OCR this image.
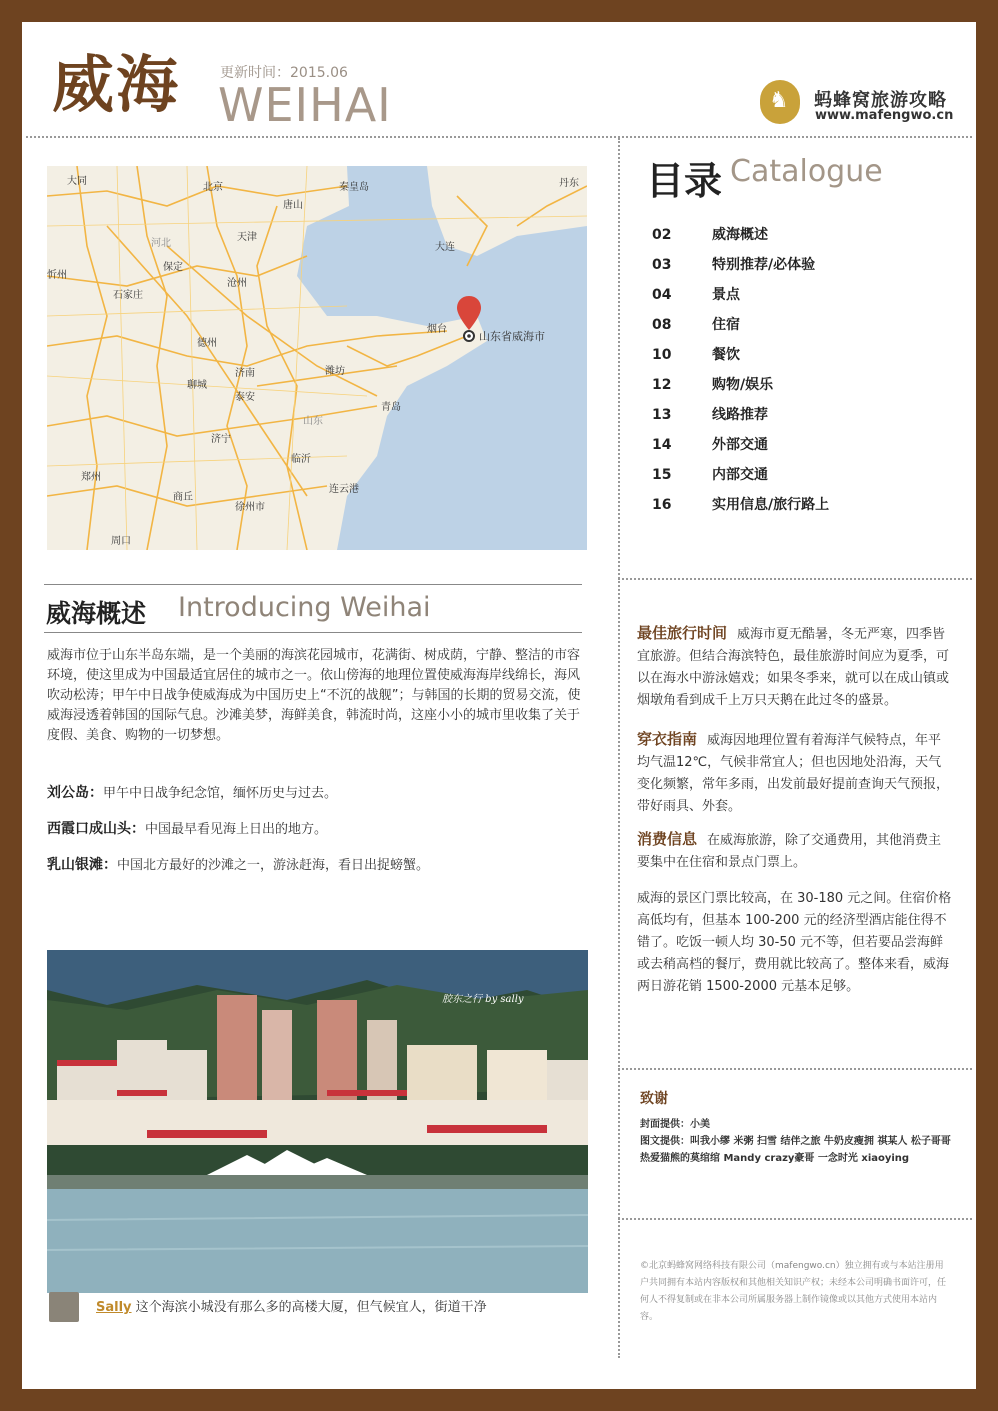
威海	更新时间：2015.06
WEIHAI	♞ 蚂蜂窝旅游攻略
www.mafengwo.cn
大同
北京	秦皇岛	丹东
唐山
天津
河北
保定
大连
沧州
石家庄
烟台
德州
聊城
济南	潍坊
泰安
青岛
山东
济宁
临沂
郑州
商丘
连云港
徐州市
周口
忻州
山东省威海市
目录 Catalogue
02	威海概述
03	特别推荐/必体验
04	景点
08	住宿
10	餐饮
12	购物/娱乐
13	线路推荐
14	外部交通
15	内部交通
16	实用信息/旅行路上
威海概述 Introducing Weihai
威海市位于山东半岛东端，是一个美丽的海滨花园城市，花满街、树成荫，宁静、整洁的市容环境，使这里成为中国最适宜居住的城市之一。依山傍海的地理位置使威海海岸线绵长，海风吹动松涛；甲午中日战争使威海成为中国历史上“不沉的战舰”；与韩国的长期的贸易交流，使威海浸透着韩国的国际气息。沙滩美梦，海鲜美食，韩流时尚，这座小小的城市里收集了关于度假、美食、购物的一切梦想。
刘公岛：甲午中日战争纪念馆，缅怀历史与过去。
西霞口成山头：中国最早看见海上日出的地方。
乳山银滩：中国北方最好的沙滩之一，游泳赶海，看日出捉螃蟹。
胶东之行 by sally
Sally 这个海滨小城没有那么多的高楼大厦，但气候宜人，街道干净
最佳旅行时间 威海市夏无酷暑，冬无严寒，四季皆宜旅游。但结合海滨特色，最佳旅游时间应为夏季，可以在海水中游泳嬉戏；如果冬季来，就可以在成山镇或烟墩角看到成千上万只天鹅在此过冬的盛景。
穿衣指南 威海因地理位置有着海洋气候特点，年平均气温12℃，气候非常宜人；但也因地处沿海，天气变化频繁，常年多雨，出发前最好提前查询天气预报，带好雨具、外套。
消费信息 在威海旅游，除了交通费用，其他消费主要集中在住宿和景点门票上。
威海的景区门票比较高，在 30-180 元之间。住宿价格高低均有，但基本 100-200 元的经济型酒店能住得不错了。吃饭一顿人均 30-50 元不等，但若要品尝海鲜或去稍高档的餐厅，费用就比较高了。整体来看，威海两日游花销 1500-2000 元基本足够。
致谢
封面提供：小美
图文提供：叫我小缪 米粥 扫雪 结伴之旅 牛奶皮瘦拥 祺某人 松子哥哥 热爱猫熊的莫绾绾 Mandy crazy豪哥 一念时光 xiaoying
©北京蚂蜂窝网络科技有限公司（mafengwo.cn）独立拥有或与本站注册用户共同拥有本站内容版权和其他相关知识产权；未经本公司明确书面许可，任何人不得复制或在非本公司所属服务器上制作镜像或以其他方式使用本站内容。
